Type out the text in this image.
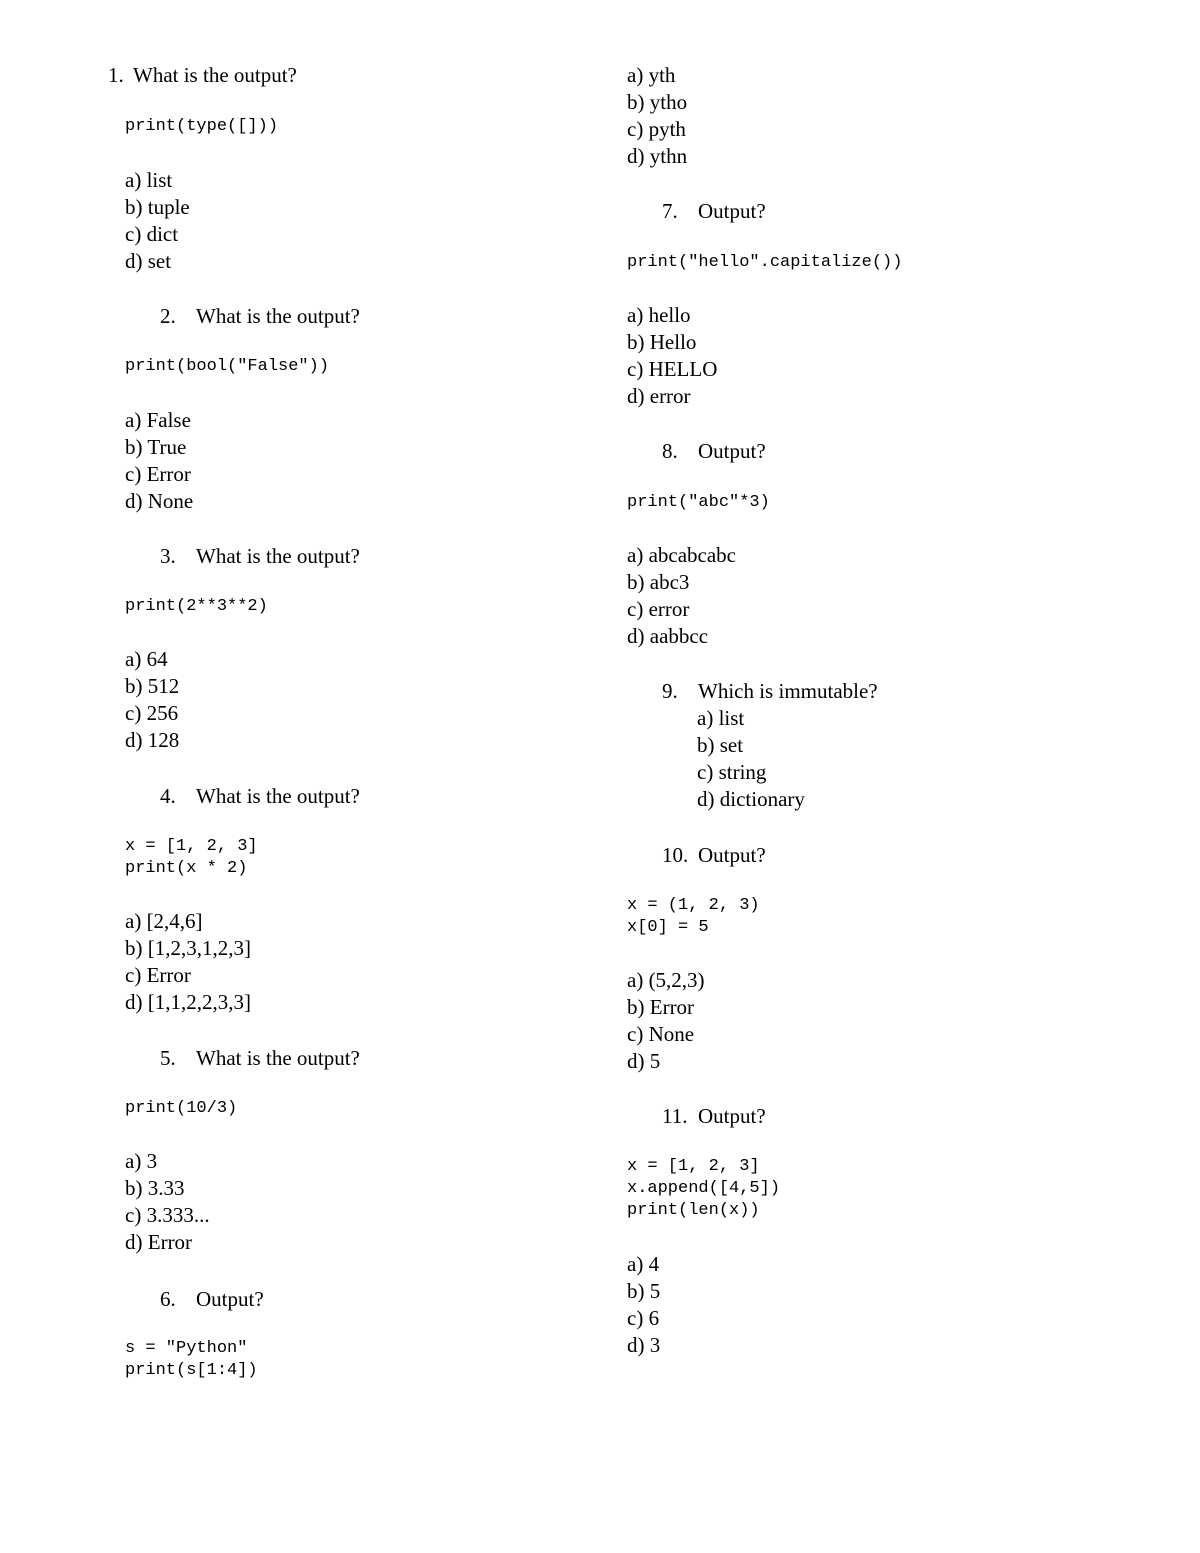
1. What is the output?
print(type([]))
a) list
b) tuple
c) dict
d) set
2. What is the output?
print(bool("False"))
a) False
b) True
c) Error
d) None
3. What is the output?
print(2**3**2)
a) 64
b) 512
c) 256
d) 128
4. What is the output?
x = [1, 2, 3]
print(x * 2)
a) [2,4,6]
b) [1,2,3,1,2,3]
c) Error
d) [1,1,2,2,3,3]
5. What is the output?
print(10/3)
a) 3
b) 3.33
c) 3.333...
d) Error
6. Output?
s = "Python"
print(s[1:4])
a) yth
b) ytho
c) pyth
d) ythn
7. Output?
print("hello".capitalize())
a) hello
b) Hello
c) HELLO
d) error
8. Output?
print("abc"*3)
a) abcabcabc
b) abc3
c) error
d) aabbcc
9. Which is immutable?
a) list
b) set
c) string
d) dictionary
10. Output?
x = (1, 2, 3)
x[0] = 5
a) (5,2,3)
b) Error
c) None
d) 5
11. Output?
x = [1, 2, 3]
x.append([4,5])
print(len(x))
a) 4
b) 5
c) 6
d) 3
